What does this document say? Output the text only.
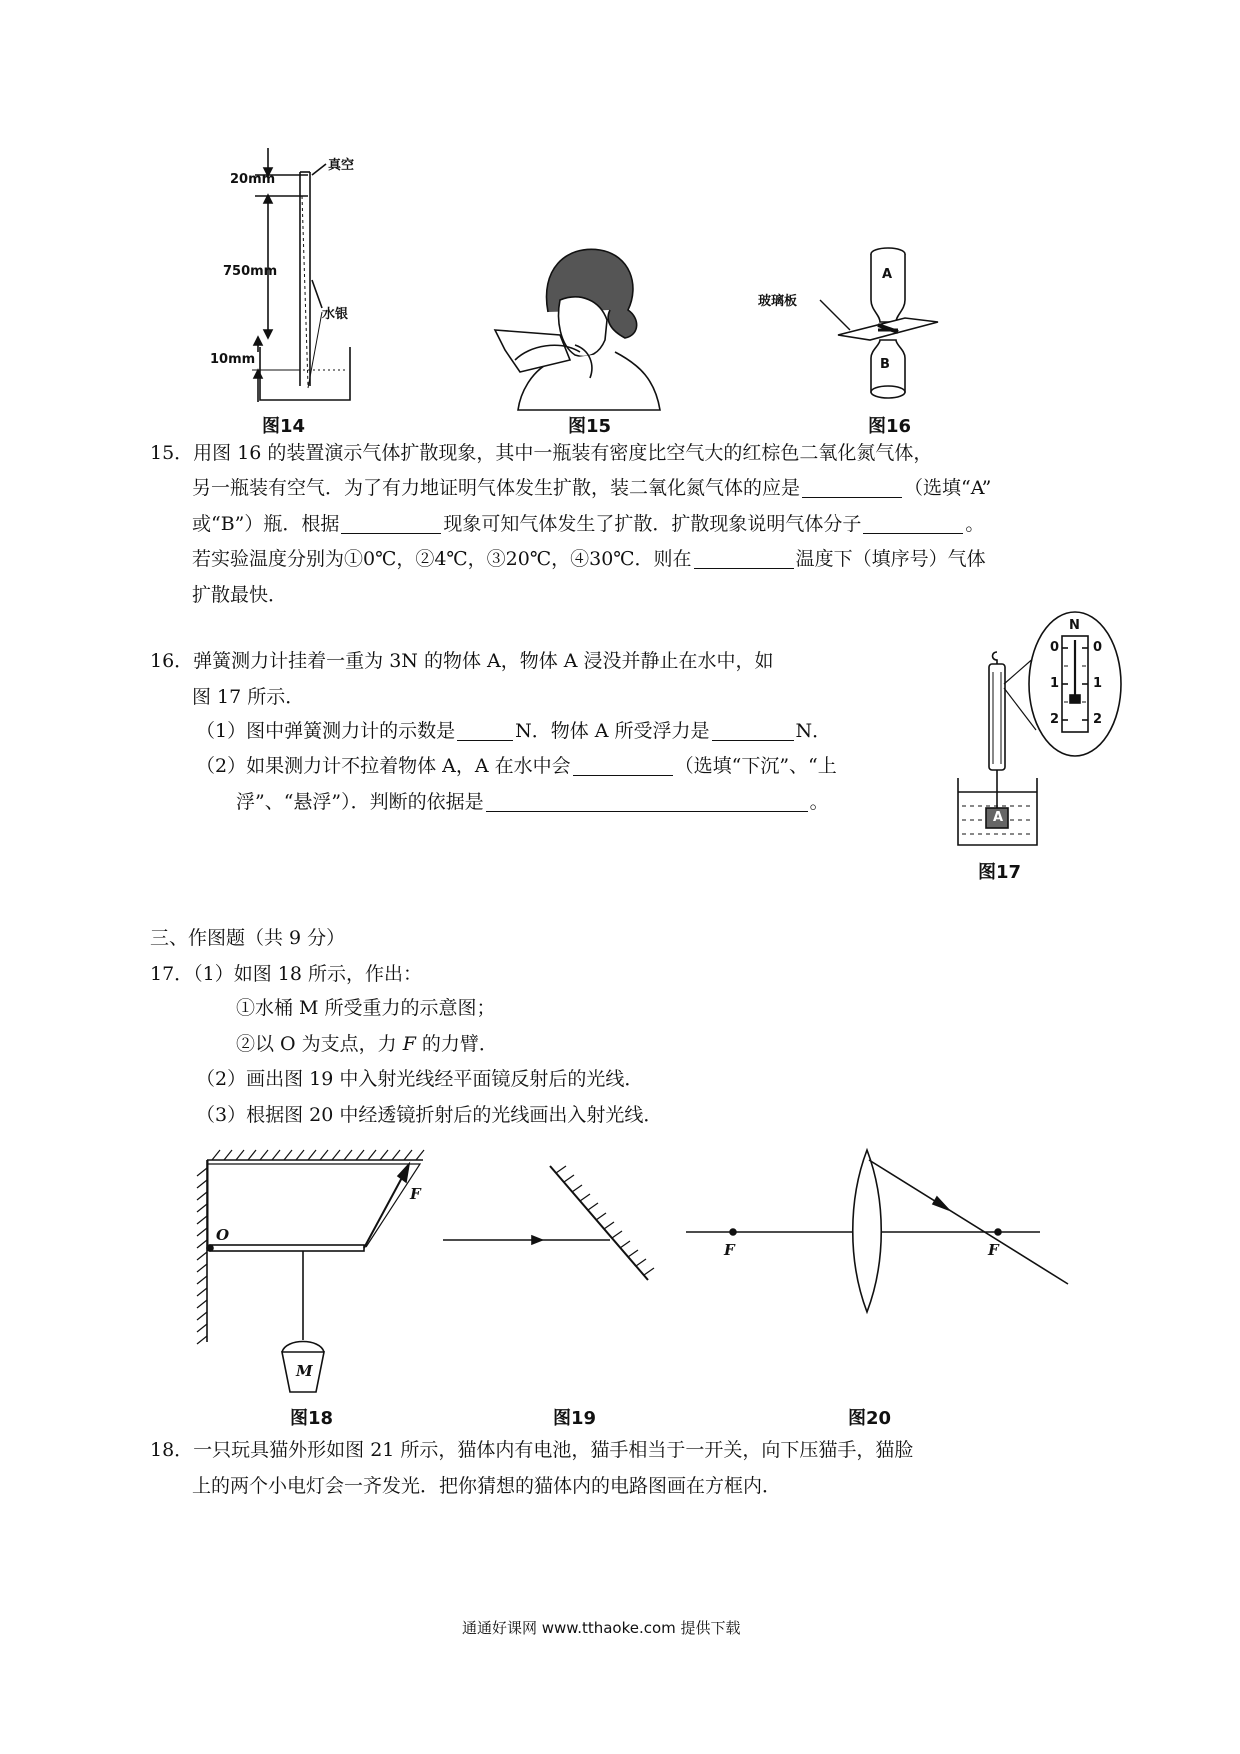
20mm
750mm
10mm
真空
水银
图14	图15
A
B
玻璃板
图16
15．用图 16 的装置演示气体扩散现象，其中一瓶装有密度比空气大的红棕色二氧化氮气体，
另一瓶装有空气．为了有力地证明气体发生扩散，装二氧化氮气体的应是	（选填“A”
或“B”）瓶．根据	现象可知气体发生了扩散．扩散现象说明气体分子	。
若实验温度分别为①0℃，②4℃，③20℃，④30℃．则在	温度下（填序号）气体
扩散最快．
16．弹簧测力计挂着一重为 3N 的物体 A，物体 A 浸没并静止在水中，如
图 17 所示．
（1）图中弹簧测力计的示数是	N．物体 A 所受浮力是	N．
（2）如果测力计不拉着物体 A，A 在水中会	（选填“下沉”、“上
浮”、“悬浮”）．判断的依据是	。
N
0	0
1	1
2	2
A
图17
三、作图题（共 9 分）
17．（1）如图 18 所示，作出：
①水桶 M 所受重力的示意图；
②以 O 为支点，力 F 的力臂．
（2）画出图 19 中入射光线经平面镜反射后的光线．
（3）根据图 20 中经透镜折射后的光线画出入射光线．
O
F
M
图18	图19
F	F
图20
18．一只玩具猫外形如图 21 所示，猫体内有电池，猫手相当于一开关，向下压猫手，猫脸
上的两个小电灯会一齐发光．把你猜想的猫体内的电路图画在方框内．
通通好课网 www.tthaoke.com 提供下载
